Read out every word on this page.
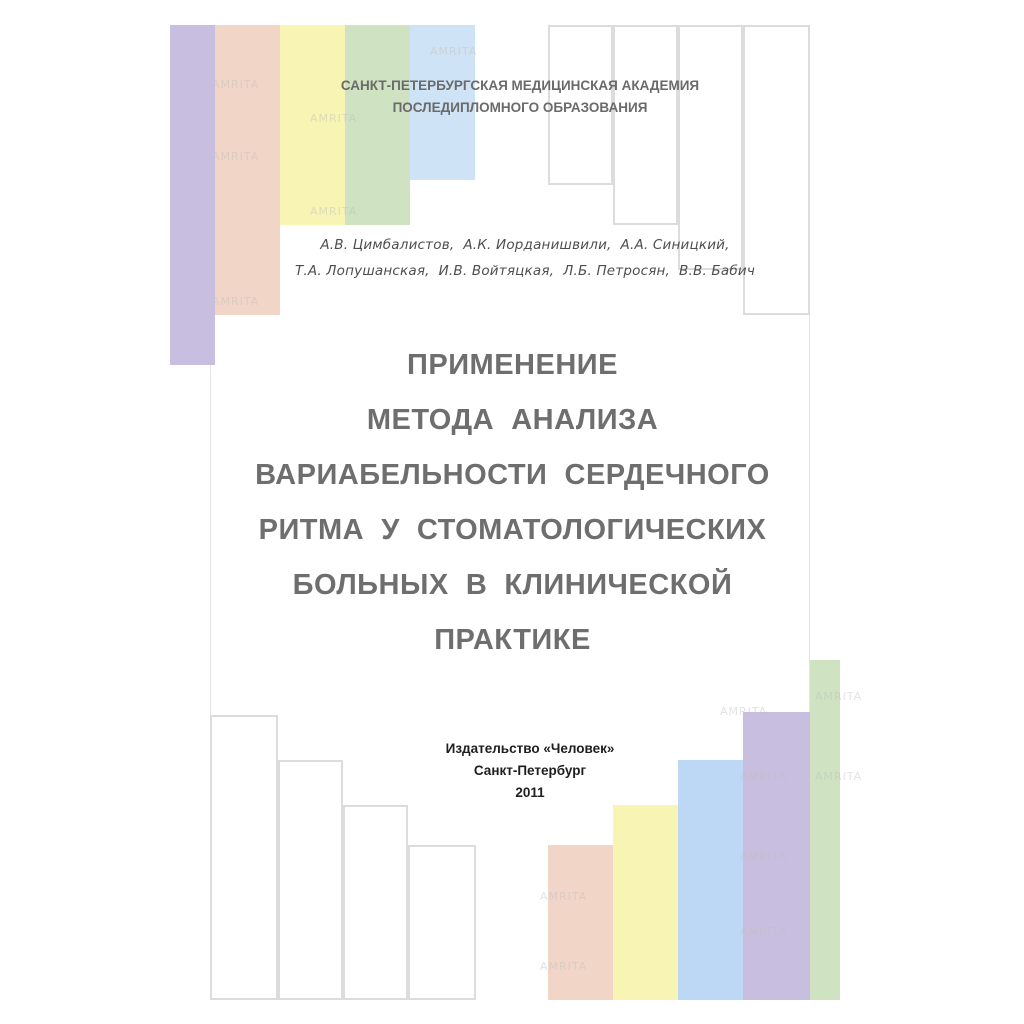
AMRITA
AMRITA
AMRITA
AMRITA
AMRITA
AMRITA
AMRITA
AMRITA
AMRITA
AMRITA
AMRITA
AMRITA
AMRITA
AMRITA
САНКТ-ПЕТЕРБУРГСКАЯ МЕДИЦИНСКАЯ АКАДЕМИЯ
ПОСЛЕДИПЛОМНОГО ОБРАЗОВАНИЯ
А.В. Цимбалистов,  А.К. Иорданишвили,  А.А. Синицкий,
Т.А. Лопушанская,  И.В. Войтяцкая,  Л.Б. Петросян,  В.В. Бабич
ПРИМЕНЕНИЕ
МЕТОДА  АНАЛИЗА
ВАРИАБЕЛЬНОСТИ  СЕРДЕЧНОГО
РИТМА  У  СТОМАТОЛОГИЧЕСКИХ
БОЛЬНЫХ  В  КЛИНИЧЕСКОЙ
ПРАКТИКЕ
Издательство «Человек»
Санкт-Петербург
2011
